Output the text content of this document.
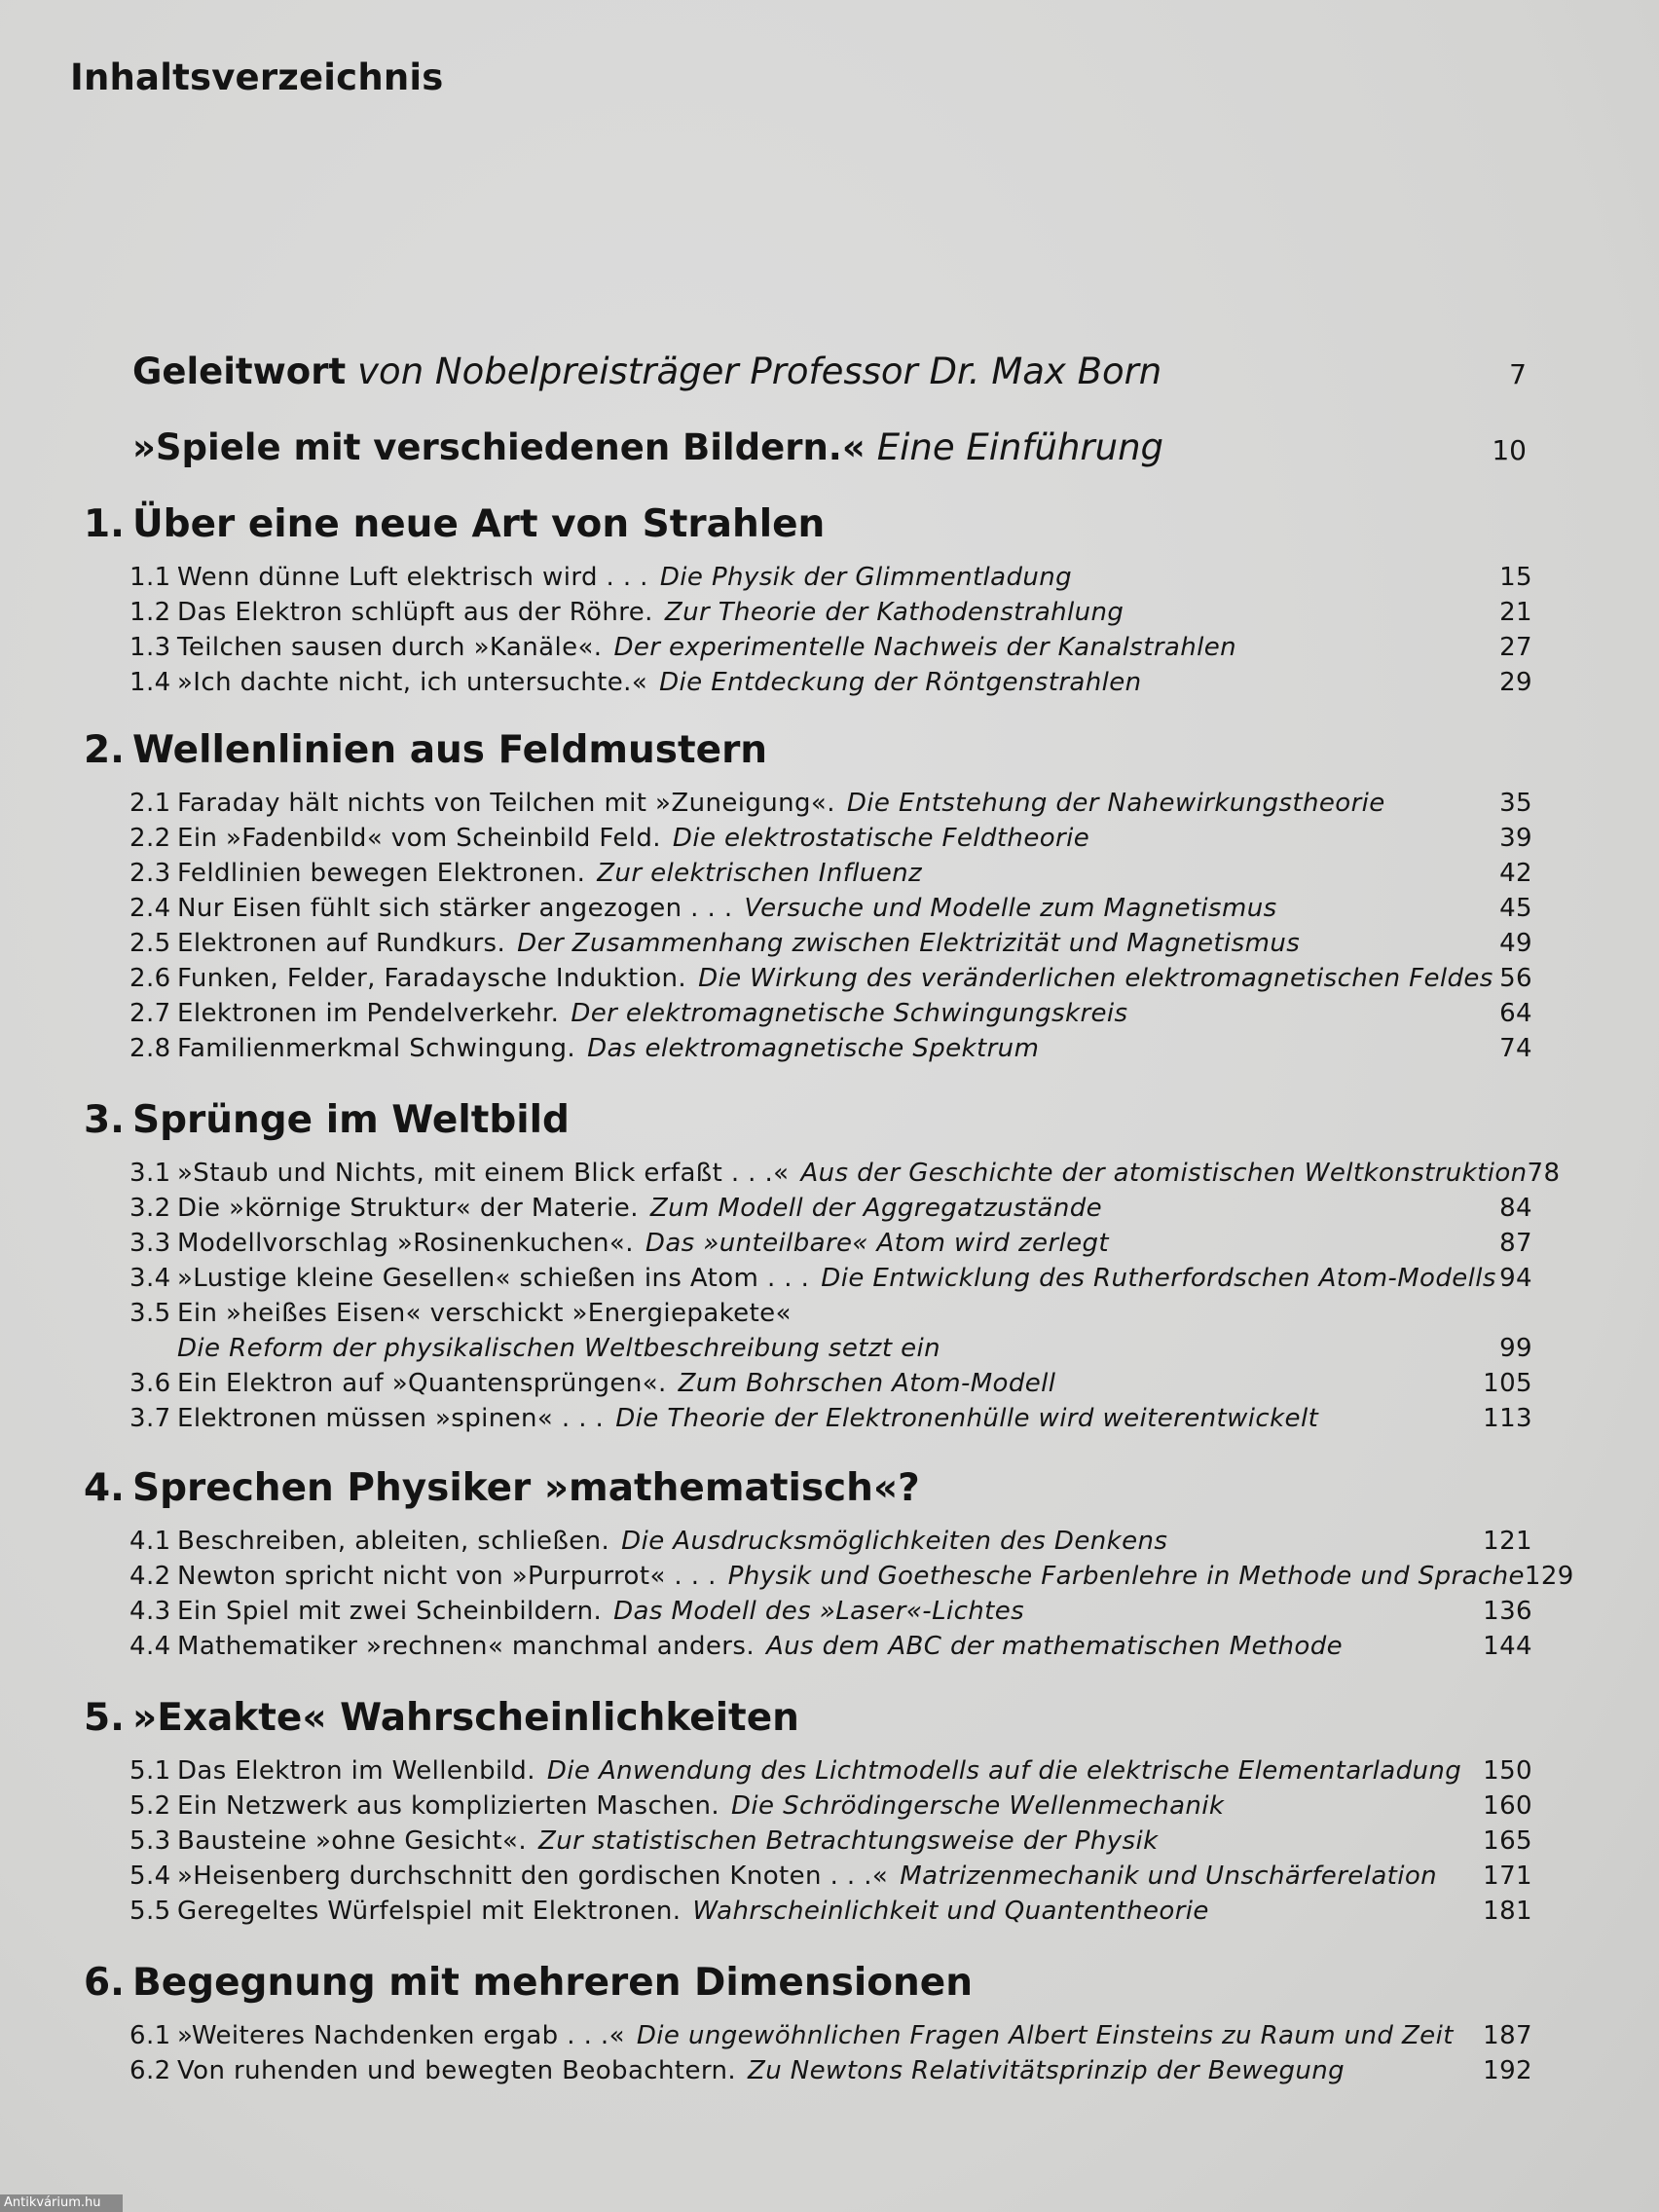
Inhaltsverzeichnis
Geleitwort von Nobelpreisträger Professor Dr. Max Born	7
»Spiele mit verschiedenen Bildern.« Eine Einführung	10
1. Über eine neue Art von Strahlen
1.1 Wenn dünne Luft elektrisch wird . . . Die Physik der Glimmentladung	15
1.2 Das Elektron schlüpft aus der Röhre. Zur Theorie der Kathodenstrahlung	21
1.3 Teilchen sausen durch »Kanäle«. Der experimentelle Nachweis der Kanalstrahlen	27
1.4 »Ich dachte nicht, ich untersuchte.« Die Entdeckung der Röntgenstrahlen	29
2. Wellenlinien aus Feldmustern
2.1 Faraday hält nichts von Teilchen mit »Zuneigung«. Die Entstehung der Nahewirkungstheorie	35
2.2 Ein »Fadenbild« vom Scheinbild Feld. Die elektrostatische Feldtheorie	39
2.3 Feldlinien bewegen Elektronen. Zur elektrischen Influenz	42
2.4 Nur Eisen fühlt sich stärker angezogen . . . Versuche und Modelle zum Magnetismus	45
2.5 Elektronen auf Rundkurs. Der Zusammenhang zwischen Elektrizität und Magnetismus	49
2.6 Funken, Felder, Faradaysche Induktion. Die Wirkung des veränderlichen elektromagnetischen Feldes 56
2.7 Elektronen im Pendelverkehr. Der elektromagnetische Schwingungskreis	64
2.8 Familienmerkmal Schwingung. Das elektromagnetische Spektrum	74
3. Sprünge im Weltbild
3.1 »Staub und Nichts, mit einem Blick erfaßt . . .« Aus der Geschichte der atomistischen Weltkonstruktion 78
3.2 Die »körnige Struktur« der Materie. Zum Modell der Aggregatzustände	84
3.3 Modellvorschlag »Rosinenkuchen«. Das »unteilbare« Atom wird zerlegt	87
3.4 »Lustige kleine Gesellen« schießen ins Atom . . . Die Entwicklung des Rutherfordschen Atom-Modells 94
3.5 Ein »heißes Eisen« verschickt »Energiepakete«
Die Reform der physikalischen Weltbeschreibung setzt ein	99
3.6 Ein Elektron auf »Quantensprüngen«. Zum Bohrschen Atom-Modell	105
3.7 Elektronen müssen »spinen« . . . Die Theorie der Elektronenhülle wird weiterentwickelt	113
4. Sprechen Physiker »mathematisch«?
4.1 Beschreiben, ableiten, schließen. Die Ausdrucksmöglichkeiten des Denkens	121
4.2 Newton spricht nicht von »Purpurrot« . . . Physik und Goethesche Farbenlehre in Methode und Sprache 129
4.3 Ein Spiel mit zwei Scheinbildern. Das Modell des »Laser«-Lichtes	136
4.4 Mathematiker »rechnen« manchmal anders. Aus dem ABC der mathematischen Methode	144
5. »Exakte« Wahrscheinlichkeiten
5.1 Das Elektron im Wellenbild. Die Anwendung des Lichtmodells auf die elektrische Elementarladung 150
5.2 Ein Netzwerk aus komplizierten Maschen. Die Schrödingersche Wellenmechanik	160
5.3 Bausteine »ohne Gesicht«. Zur statistischen Betrachtungsweise der Physik	165
5.4 »Heisenberg durchschnitt den gordischen Knoten . . .« Matrizenmechanik und Unschärferelation 171
5.5 Geregeltes Würfelspiel mit Elektronen. Wahrscheinlichkeit und Quantentheorie	181
6. Begegnung mit mehreren Dimensionen
6.1 »Weiteres Nachdenken ergab . . .« Die ungewöhnlichen Fragen Albert Einsteins zu Raum und Zeit 187
6.2 Von ruhenden und bewegten Beobachtern. Zu Newtons Relativitätsprinzip der Bewegung	192
Antikvárium.hu
